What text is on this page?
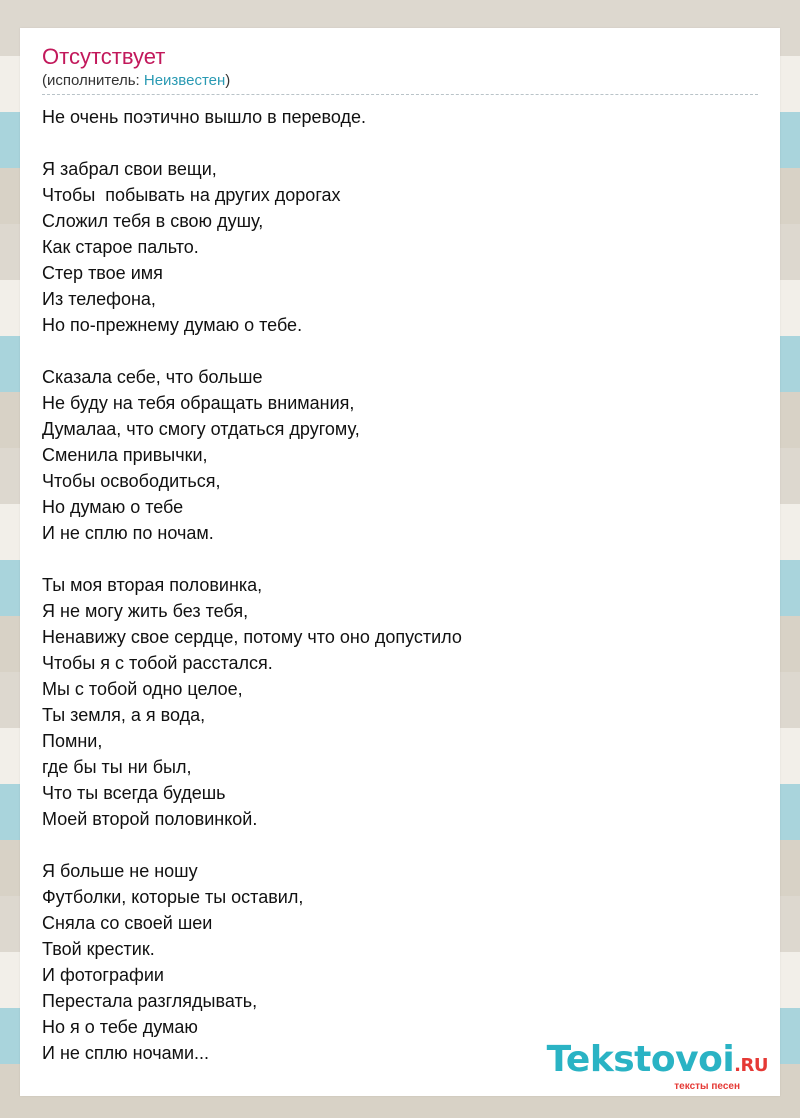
Отсутствует
(исполнитель: Неизвестен)
Не очень поэтично вышло в переводе.
Я забрал свои вещи,
Чтобы  побывать на других дорогах
Сложил тебя в свою душу,
Как старое пальто.
Стер твое имя
Из телефона,
Но по-прежнему думаю о тебе.
Сказала себе, что больше
Не буду на тебя обращать внимания,
Думалаа, что смогу отдаться другому,
Сменила привычки,
Чтобы освободиться,
Но думаю о тебе
И не сплю по ночам.
Ты моя вторая половинка,
Я не могу жить без тебя,
Ненавижу свое сердце, потому что оно допустило
Чтобы я с тобой расстался.
Мы с тобой одно целое,
Ты земля, а я вода,
Помни,
где бы ты ни был,
Что ты всегда будешь
Моей второй половинкой.
Я больше не ношу
Футболки, которые ты оставил,
Сняла со своей шеи
Твой крестик.
И фотографии
Перестала разглядывать,
Но я о тебе думаю
И не сплю ночами...	Tekstovoi.RU
тексты песен
